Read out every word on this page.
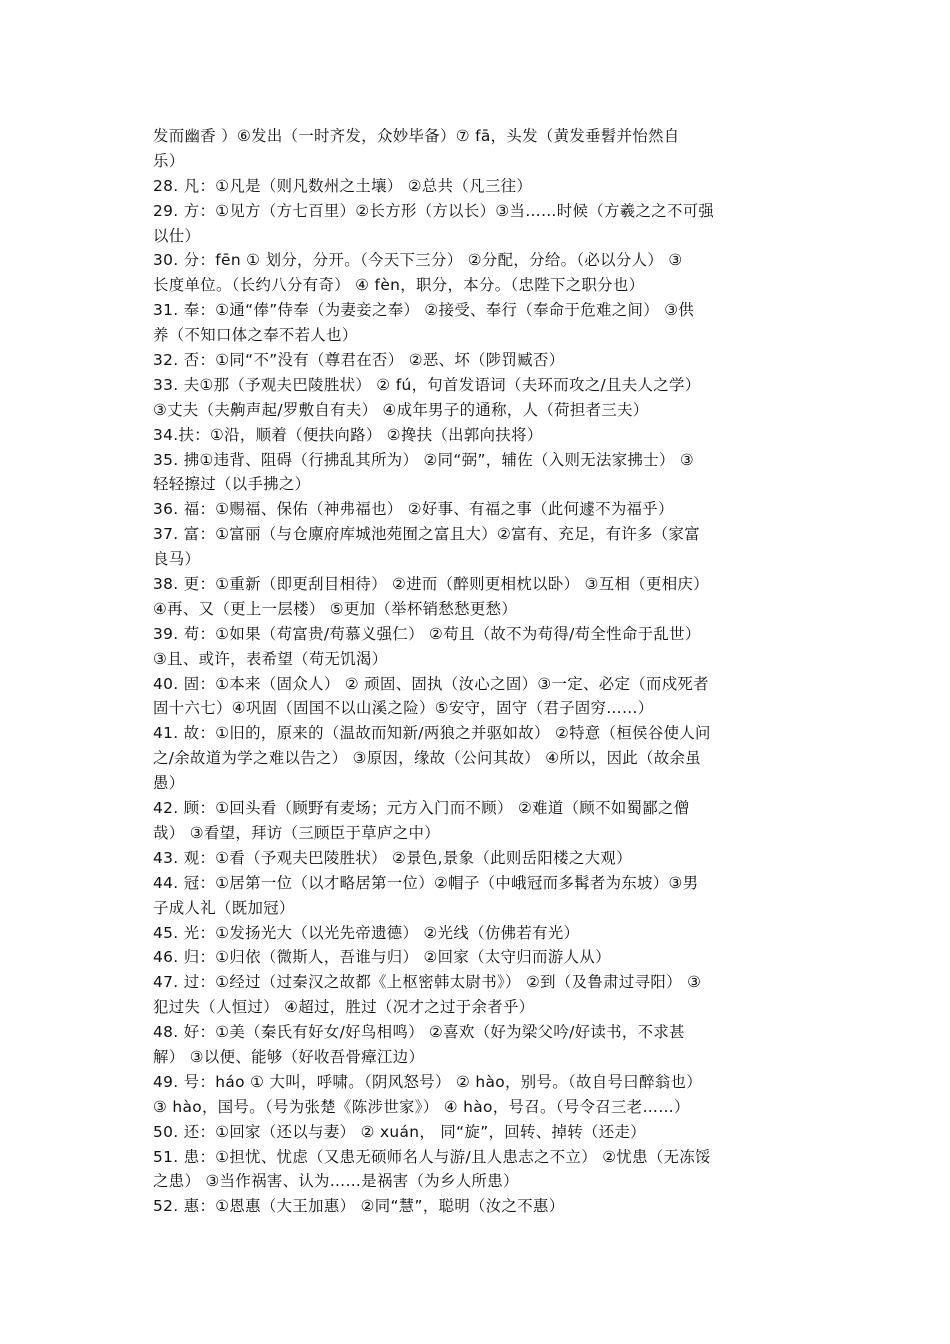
发而幽香 ）⑥发出（一时齐发，众妙毕备）⑦ fā，头发（黄发垂髫并怡然自
乐）
28. 凡：①凡是（则凡数州之土壤） ②总共（凡三往）
29. 方：①见方（方七百里）②长方形（方以长）③当……时候（方羲之之不可强
以仕）
30. 分：fēn ① 划分，分开。（今天下三分） ②分配，分给。（必以分人） ③
长度单位。（长约八分有奇） ④ fèn，职分，本分。（忠陛下之职分也）
31. 奉：①通“俸”侍奉（为妻妾之奉） ②接受、奉行（奉命于危难之间） ③供
养（不知口体之奉不若人也）
32. 否：①同“不”没有（尊君在否） ②恶、坏（陟罚臧否）
33. 夫①那（予观夫巴陵胜状） ② fú，句首发语词（夫环而攻之/且夫人之学）
③丈夫（夫齁声起/罗敷自有夫） ④成年男子的通称，人（荷担者三夫）
34.扶：①沿，顺着（便扶向路） ②搀扶（出郭向扶将）
35. 拂①违背、阻碍（行拂乱其所为） ②同“弼”，辅佐（入则无法家拂士） ③
轻轻擦过（以手拂之）
36. 福：①赐福、保佑（神弗福也） ②好事、有福之事（此何遽不为福乎）
37. 富：①富丽（与仓廪府库城池苑囿之富且大）②富有、充足，有许多（家富
良马）
38. 更：①重新（即更刮目相待） ②进而（醉则更相枕以卧） ③互相（更相庆）
④再、又（更上一层楼） ⑤更加（举杯销愁愁更愁）
39. 苟：①如果（苟富贵/苟慕义强仁） ②苟且（故不为苟得/苟全性命于乱世）
③且、或许，表希望（苟无饥渴）
40. 固：①本来（固众人） ② 顽固、固执（汝心之固）③一定、必定（而戍死者
固十六七）④巩固（固国不以山溪之险）⑤安守，固守（君子固穷……）
41. 故：①旧的，原来的（温故而知新/两狼之并驱如故） ②特意（桓侯谷使人问
之/余故道为学之难以告之） ③原因，缘故（公问其故） ④所以，因此（故余虽
愚）
42. 顾：①回头看（顾野有麦场；元方入门而不顾） ②难道（顾不如蜀鄙之僧
哉） ③看望，拜访（三顾臣于草庐之中）
43. 观：①看（予观夫巴陵胜状） ②景色,景象（此则岳阳楼之大观）
44. 冠：①居第一位（以才略居第一位）②帽子（中峨冠而多髯者为东坡）③男
子成人礼（既加冠）
45. 光：①发扬光大（以光先帝遗德） ②光线（仿佛若有光）
46. 归：①归依（微斯人，吾谁与归） ②回家（太守归而游人从）
47. 过：①经过（过秦汉之故都《上枢密韩太尉书》） ②到（及鲁肃过寻阳） ③
犯过失（人恒过） ④超过，胜过（况才之过于余者乎）
48. 好：①美（秦氏有好女/好鸟相鸣） ②喜欢（好为梁父吟/好读书，不求甚
解） ③以便、能够（好收吾骨瘴江边）
49. 号：háo ① 大叫，呼啸。（阴风怒号） ② hào，别号。（故自号曰醉翁也）
③ hào，国号。（号为张楚《陈涉世家》） ④ hào，号召。（号令召三老……）
50. 还：①回家（还以与妻） ② xuán， 同“旋”，回转、掉转（还走）
51. 患：①担忧、忧虑（又患无硕师名人与游/且人患志之不立） ②忧患（无冻馁
之患） ③当作祸害、认为……是祸害（为乡人所患）
52. 惠：①恩惠（大王加惠） ②同“慧”，聪明（汝之不惠）
